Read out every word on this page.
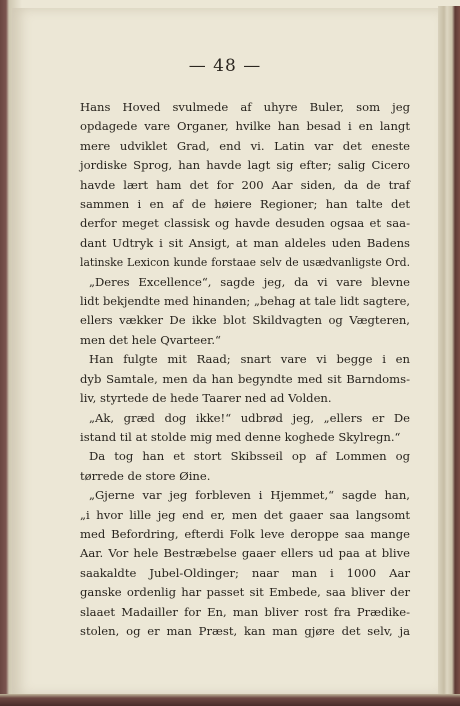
— 48 —
Hans Hoved svulmede af uhyre Buler, som jeg
opdagede vare Organer, hvilke han besad i en langt
mere udviklet Grad, end vi. Latin var det eneste
jordiske Sprog, han havde lagt sig efter; salig Cicero
havde lært ham det for 200 Aar siden, da de traf
sammen i en af de høiere Regioner; han talte det
derfor meget classisk og havde desuden ogsaa et saa-
dant Udtryk i sit Ansigt, at man aldeles uden Badens
latinske Lexicon kunde forstaae selv de usædvanligste Ord.
„Deres Excellence“, sagde jeg, da vi vare blevne
lidt bekjendte med hinanden; „behag at tale lidt sagtere,
ellers vækker De ikke blot Skildvagten og Vægteren,
men det hele Qvarteer.“
Han fulgte mit Raad; snart vare vi begge i en
dyb Samtale, men da han begyndte med sit Barndoms-
liv, styrtede de hede Taarer ned ad Volden.
„Ak, græd dog ikke!“ udbrød jeg, „ellers er De
istand til at stolde mig med denne koghede Skylregn.“
Da tog han et stort Skibsseil op af Lommen og
tørrede de store Øine.
„Gjerne var jeg forbleven i Hjemmet,“ sagde han,
„i hvor lille jeg end er, men det gaaer saa langsomt
med Befordring, efterdi Folk leve deroppe saa mange
Aar. Vor hele Bestræbelse gaaer ellers ud paa at blive
saakaldte Jubel-Oldinger; naar man i 1000 Aar
ganske ordenlig har passet sit Embede, saa bliver der
slaaet Madailler for En, man bliver rost fra Prædike-
stolen, og er man Præst, kan man gjøre det selv, ja
